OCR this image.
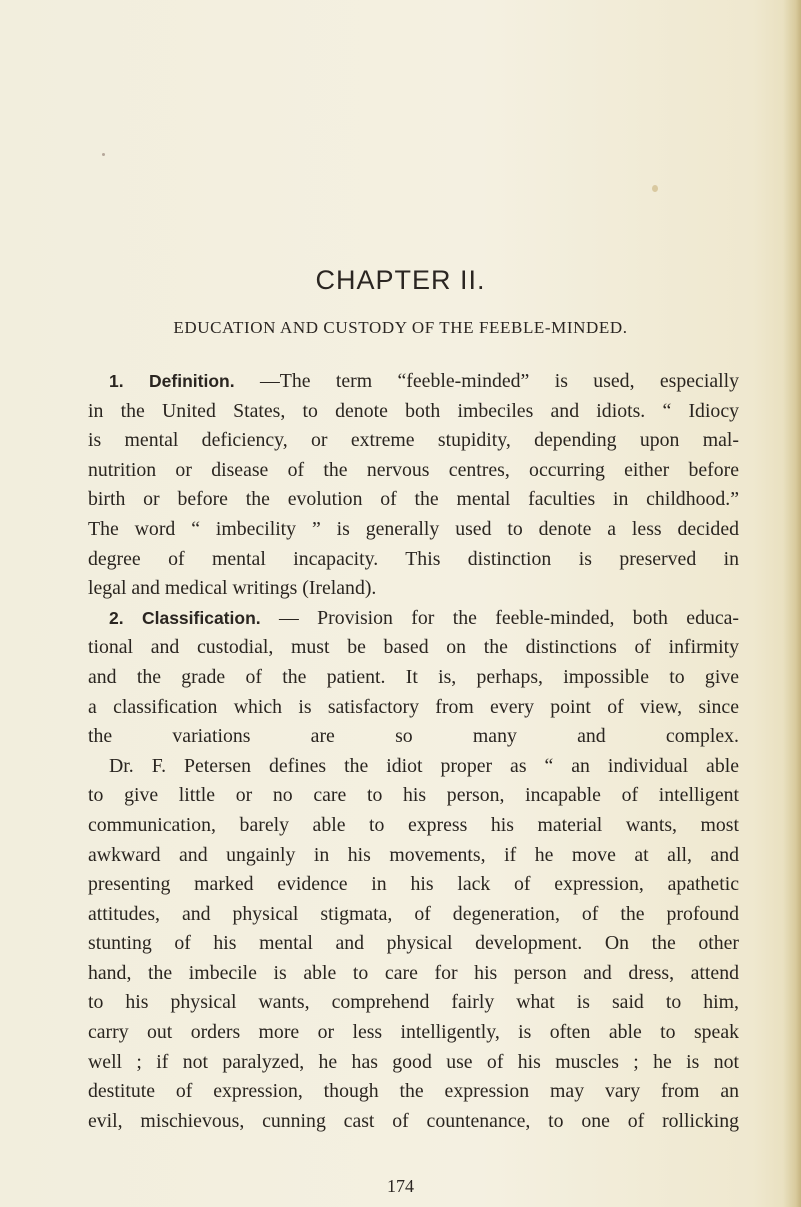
CHAPTER II.
EDUCATION AND CUSTODY OF THE FEEBLE-MINDED.
1. Definition. —The term “feeble-minded” is used, especially
in the United States, to denote both imbeciles and idiots. “ Idiocy
is mental deficiency, or extreme stupidity, depending upon mal-
nutrition or disease of the nervous centres, occurring either before
birth or before the evolution of the mental faculties in childhood.”
The word “ imbecility ” is generally used to denote a less decided
degree of mental incapacity. This distinction is preserved in
legal and medical writings (Ireland).
2. Classification. — Provision for the feeble-minded, both educa-
tional and custodial, must be based on the distinctions of infirmity
and the grade of the patient. It is, perhaps, impossible to give
a classification which is satisfactory from every point of view, since
the variations are so many and complex.
Dr. F. Petersen defines the idiot proper as “ an individual able
to give little or no care to his person, incapable of intelligent
communication, barely able to express his material wants, most
awkward and ungainly in his movements, if he move at all, and
presenting marked evidence in his lack of expression, apathetic
attitudes, and physical stigmata, of degeneration, of the profound
stunting of his mental and physical development. On the other
hand, the imbecile is able to care for his person and dress, attend
to his physical wants, comprehend fairly what is said to him,
carry out orders more or less intelligently, is often able to speak
well ; if not paralyzed, he has good use of his muscles ; he is not
destitute of expression, though the expression may vary from an
evil, mischievous, cunning cast of countenance, to one of rollicking
174
